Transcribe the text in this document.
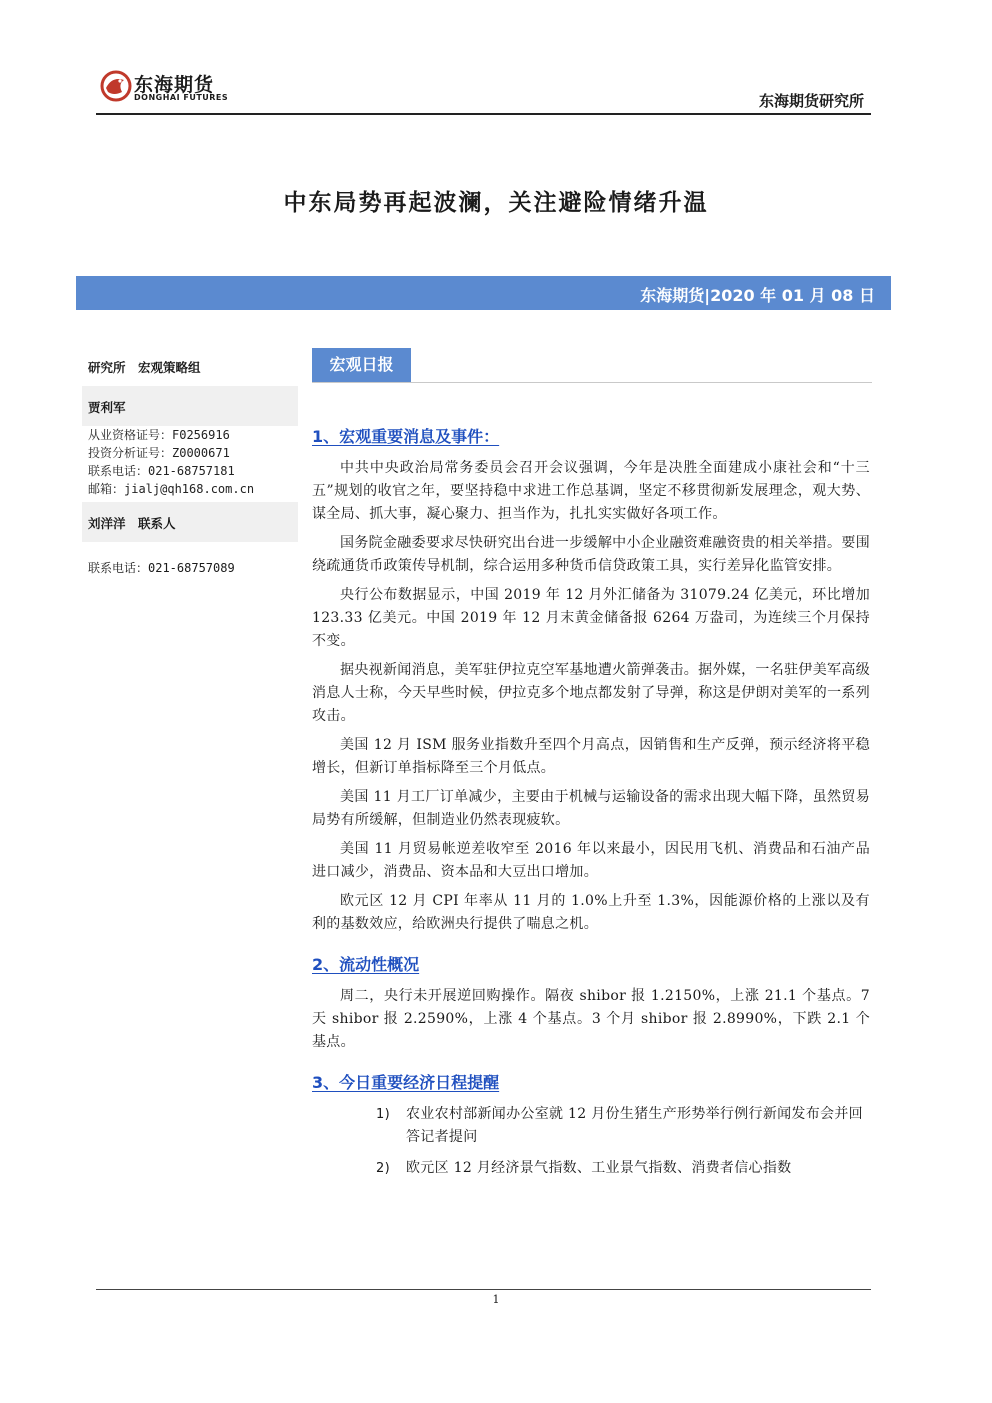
东海期货
DONGHAI FUTURES	东海期货研究所
中东局势再起波澜，关注避险情绪升温
东海期货|2020 年 01 月 08 日
研究所　宏观策略组
贾利军
从业资格证号：F0256916
投资分析证号：Z0000671
联系电话：021-68757181
邮箱：jialj@qh168.com.cn
刘洋洋　联系人
联系电话：021-68757089
宏观日报
1、宏观重要消息及事件：

中共中央政治局常务委员会召开会议强调，今年是决胜全面建成小康社会和“十三五”规划的收官之年，要坚持稳中求进工作总基调，坚定不移贯彻新发展理念，观大势、谋全局、抓大事，凝心聚力、担当作为，扎扎实实做好各项工作。

国务院金融委要求尽快研究出台进一步缓解中小企业融资难融资贵的相关举措。要围绕疏通货币政策传导机制，综合运用多种货币信贷政策工具，实行差异化监管安排。

央行公布数据显示，中国 2019 年 12 月外汇储备为 31079.24 亿美元，环比增加 123.33 亿美元。中国 2019 年 12 月末黄金储备报 6264 万盎司，为连续三个月保持不变。

据央视新闻消息，美军驻伊拉克空军基地遭火箭弹袭击。据外媒，一名驻伊美军高级消息人士称，今天早些时候，伊拉克多个地点都发射了导弹，称这是伊朗对美军的一系列攻击。

美国 12 月 ISM 服务业指数升至四个月高点，因销售和生产反弹，预示经济将平稳增长，但新订单指标降至三个月低点。

美国 11 月工厂订单减少，主要由于机械与运输设备的需求出现大幅下降，虽然贸易局势有所缓解，但制造业仍然表现疲软。

美国 11 月贸易帐逆差收窄至 2016 年以来最小，因民用飞机、消费品和石油产品进口减少，消费品、资本品和大豆出口增加。

欧元区 12 月 CPI 年率从 11 月的 1.0%上升至 1.3%，因能源价格的上涨以及有利的基数效应，给欧洲央行提供了喘息之机。

2、流动性概况

周二，央行未开展逆回购操作。隔夜 shibor 报 1.2150%，上涨 21.1 个基点。7 天 shibor 报 2.2590%，上涨 4 个基点。3 个月 shibor 报 2.8990%，下跌 2.1 个基点。

3、今日重要经济日程提醒
1) 农业农村部新闻办公室就 12 月份生猪生产形势举行例行新闻发布会并回答记者提问
2) 欧元区 12 月经济景气指数、工业景气指数、消费者信心指数
1
